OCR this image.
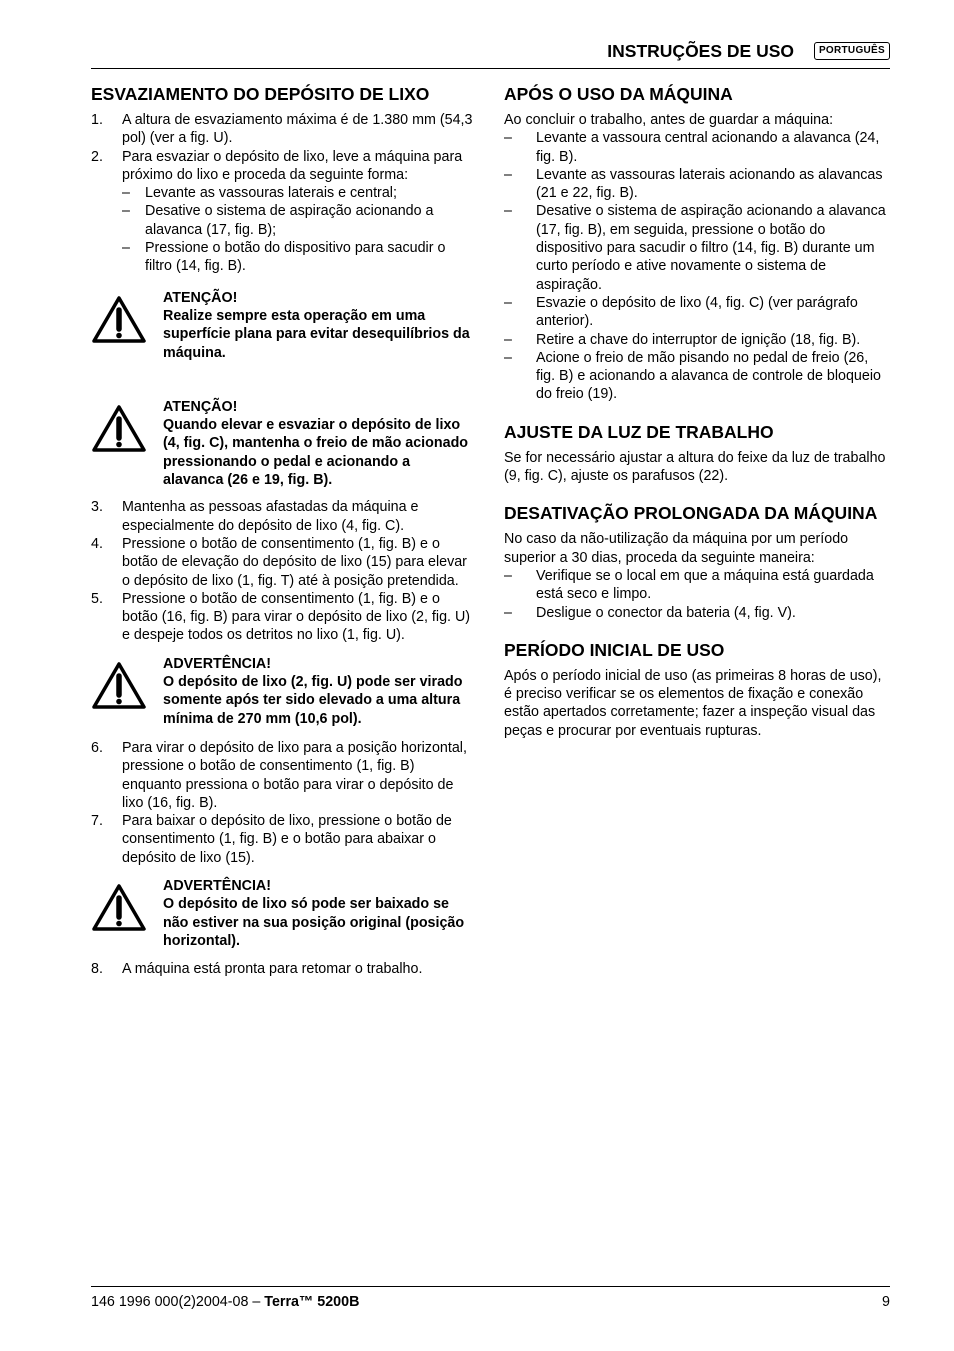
INSTRUÇÕES DE USO	PORTUGUÊS
ESVAZIAMENTO DO DEPÓSITO DE LIXO
1.	A altura de esvaziamento máxima é de 1.380 mm (54,3 pol) (ver a fig. U).
2.	Para esvaziar o depósito de lixo, leve a máquina para próximo do lixo e proceda da seguinte forma:
–	Levante as vassouras laterais e central;
–	Desative o sistema de aspiração acionando a alavanca (17, fig. B);
–	Pressione o botão do dispositivo para sacudir o filtro (14, fig. B).
ATENÇÃO!
Realize sempre esta operação em uma superfície plana para evitar desequilíbrios da máquina.
ATENÇÃO!
Quando elevar e esvaziar o depósito de lixo (4, fig. C), mantenha o freio de mão acionado pressionando o pedal e acionando a alavanca (26 e 19, fig. B).
3.	Mantenha as pessoas afastadas da máquina e especialmente do depósito de lixo (4, fig. C).
4.	Pressione o botão de consentimento (1, fig. B) e o botão de elevação do depósito de lixo (15) para elevar o depósito de lixo (1, fig. T) até à posição pretendida.
5.	Pressione o botão de consentimento (1, fig. B) e o botão (16, fig. B) para virar o depósito de lixo (2, fig. U) e despeje todos os detritos no lixo (1, fig. U).
ADVERTÊNCIA!
O depósito de lixo (2, fig. U) pode ser virado somente após ter sido elevado a uma altura mínima de 270 mm (10,6 pol).
6.	Para virar o depósito de lixo para a posição horizontal, pressione o botão de consentimento (1, fig. B) enquanto pressiona o botão para virar o depósito de lixo (16, fig. B).
7.	Para baixar o depósito de lixo, pressione o botão de consentimento (1, fig. B) e o botão para abaixar o depósito de lixo (15).
ADVERTÊNCIA!
O depósito de lixo só pode ser baixado se não estiver na sua posição original (posição horizontal).
8.	A máquina está pronta para retomar o trabalho.
APÓS O USO DA MÁQUINA

Ao concluir o trabalho, antes de guardar a máquina:

–	Levante a vassoura central acionando a alavanca (24, fig. B).
–	Levante as vassouras laterais acionando as alavancas (21 e 22, fig. B).
–	Desative o sistema de aspiração acionando a alavanca (17, fig. B), em seguida, pressione o botão do dispositivo para sacudir o filtro (14, fig. B) durante um curto período e ative novamente o sistema de aspiração.
–	Esvazie o depósito de lixo (4, fig. C) (ver parágrafo anterior).
–	Retire a chave do interruptor de ignição (18, fig. B).
–	Acione o freio de mão pisando no pedal de freio (26, fig. B) e acionando a alavanca de controle de bloqueio do freio (19).
AJUSTE DA LUZ DE TRABALHO

Se for necessário ajustar a altura do feixe da luz de trabalho (9, fig. C), ajuste os parafusos (22).

DESATIVAÇÃO PROLONGADA DA MÁQUINA

No caso da não-utilização da máquina por um período superior a 30 dias, proceda da seguinte maneira:

–	Verifique se o local em que a máquina está guardada está seco e limpo.
–	Desligue o conector da bateria (4, fig. V).
PERÍODO INICIAL DE USO

Após o período inicial de uso (as primeiras 8 horas de uso), é preciso verificar se os elementos de fixação e conexão estão apertados corretamente; fazer a inspeção visual das peças e procurar por eventuais rupturas.

146 1996 000(2)2004-08 – Terra™ 5200B	9
